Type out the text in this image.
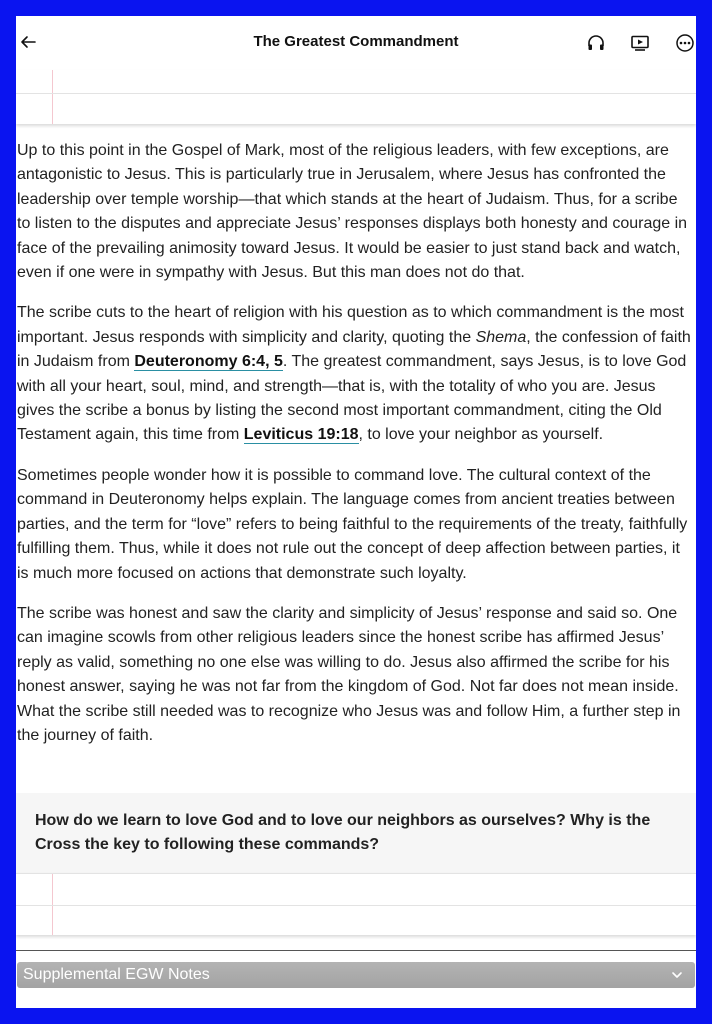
The Greatest Commandment

Up to this point in the Gospel of Mark, most of the religious leaders, with few exceptions, are antagonistic to Jesus. This is particularly true in Jerusalem, where Jesus has confronted the leadership over temple worship—that which stands at the heart of Judaism. Thus, for a scribe to listen to the disputes and appreciate Jesus’ responses displays both honesty and courage in face of the prevailing animosity toward Jesus. It would be easier to just stand back and watch, even if one were in sympathy with Jesus. But this man does not do that.

The scribe cuts to the heart of religion with his question as to which commandment is the most important. Jesus responds with simplicity and clarity, quoting the Shema, the confession of faith in Judaism from Deuteronomy 6:4, 5. The greatest commandment, says Jesus, is to love God with all your heart, soul, mind, and strength—that is, with the totality of who you are. Jesus gives the scribe a bonus by listing the second most important commandment, citing the Old Testament again, this time from Leviticus 19:18, to love your neighbor as yourself.

Sometimes people wonder how it is possible to command love. The cultural context of the command in Deuteronomy helps explain. The language comes from ancient treaties between parties, and the term for “love” refers to being faithful to the requirements of the treaty, faithfully fulfilling them. Thus, while it does not rule out the concept of deep affection between parties, it is much more focused on actions that demonstrate such loyalty.

The scribe was honest and saw the clarity and simplicity of Jesus’ response and said so. One can imagine scowls from other religious leaders since the honest scribe has affirmed Jesus’ reply as valid, something no one else was willing to do. Jesus also affirmed the scribe for his honest answer, saying he was not far from the kingdom of God. Not far does not mean inside. What the scribe still needed was to recognize who Jesus was and follow Him, a further step in the journey of faith.

How do we learn to love God and to love our neighbors as ourselves? Why is the Cross the key to following these commands?
Supplemental EGW Notes
